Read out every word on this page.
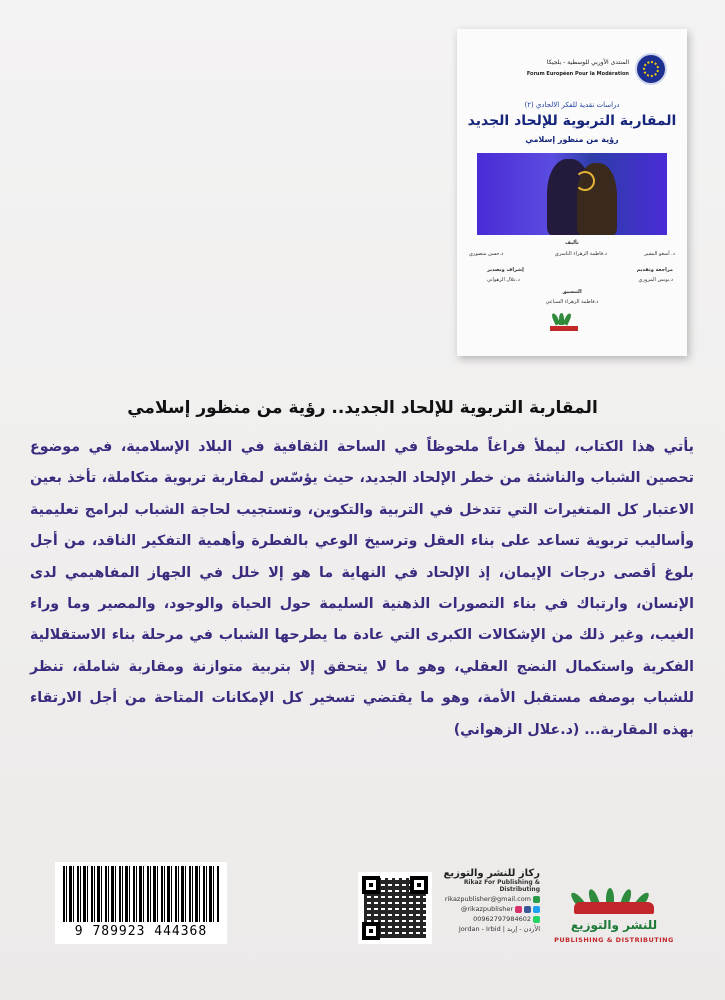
المنتدى الأوربي للوسطية - بلجيكا
Forum Européen Pour la Modération
دراسات نقدية للفكر الالحادي (٢)
المقاربة التربوية للإلحاد الجديد
رؤية من منظور إسلامي
تأليف
د. أسعو البشير
د.فاطمة الزهراء الناسري
د.حسن منصوري
مراجعة وتقديم
د.يونس المزوري
إشراف وتصدير
د.علال الزهواني
التنسيق
د.فاطمة الزهراء السباعي
المقاربة التربوية للإلحاد الجديد.. رؤية من منظور إسلامي
يأتي هذا الكتاب، ليملأ فراغاً ملحوظاً في الساحة الثقافية في البلاد الإسلامية، في موضوع تحصين الشباب والناشئة من خطر الإلحاد الجديد، حيث يؤسّس لمقاربة تربوية متكاملة، تأخذ بعين الاعتبار كل المتغيرات التي تتدخل في التربية والتكوين، وتستجيب لحاجة الشباب لبرامج تعليمية وأساليب تربوية تساعد على بناء العقل وترسيخ الوعي بالفطرة وأهمية التفكير الناقد، من أجل بلوغ أقصى درجات الإيمان، إذ الإلحاد في النهاية ما هو إلا خلل في الجهاز المفاهيمي لدى الإنسان، وارتباك في بناء التصورات الذهنية السليمة حول الحياة والوجود، والمصير وما وراء الغيب، وغير ذلك من الإشكالات الكبرى التي عادة ما يطرحها الشباب في مرحلة بناء الاستقلالية الفكرية واستكمال النضج العقلي، وهو ما لا يتحقق إلا بتربية متوازنة ومقاربة شاملة، تنظر للشباب بوصفه مستقبل الأمة، وهو ما يقتضي تسخير كل الإمكانات المتاحة من أجل الارتقاء بهذه المقاربة... (د.علال الزهواني)
9 789923 444368
ركاز للنشر والتوزيع
Rikaz For Publishing & Distributing
rikazpublisher@gmail.com
@rikazpublisher
00962797984602
Jordan - Irbid | الأردن - إربد	للنشر والتوزيع
PUBLISHING & DISTRIBUTING
